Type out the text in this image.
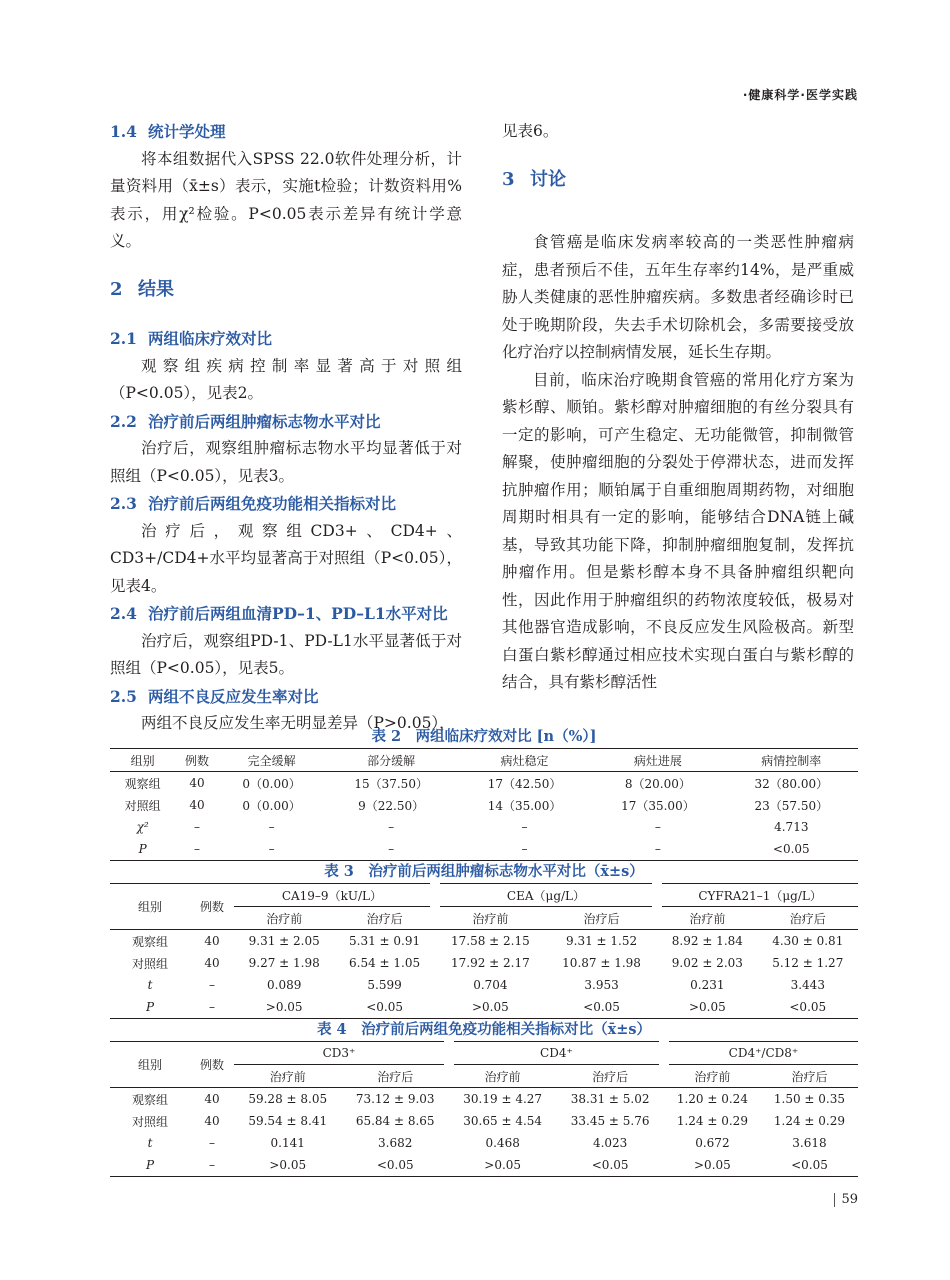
·健康科学·医学实践
1.4 统计学处理

将本组数据代入SPSS 22.0软件处理分析，计量资料用（x̄±s）表示，实施t检验；计数资料用%表示，用χ²检验。P<0.05表示差异有统计学意义。

2 结果
2.1 两组临床疗效对比

观察组疾病控制率显著高于对照组（P<0.05），见表2。

2.2 治疗前后两组肿瘤标志物水平对比

治疗后，观察组肿瘤标志物水平均显著低于对照组（P<0.05），见表3。

2.3 治疗前后两组免疫功能相关指标对比

治疗后，观察组CD3+、CD4+、CD3+/CD4+水平均显著高于对照组（P<0.05），见表4。

2.4 治疗前后两组血清PD–1、PD–L1水平对比

治疗后，观察组PD-1、PD-L1水平显著低于对照组（P<0.05），见表5。

2.5 两组不良反应发生率对比

两组不良反应发生率无明显差异（P>0.05），

见表6。

3 讨论

食管癌是临床发病率较高的一类恶性肿瘤病症，患者预后不佳，五年生存率约14%，是严重威胁人类健康的恶性肿瘤疾病。多数患者经确诊时已处于晚期阶段，失去手术切除机会，多需要接受放化疗治疗以控制病情发展，延长生存期。

目前，临床治疗晚期食管癌的常用化疗方案为紫杉醇、顺铂。紫杉醇对肿瘤细胞的有丝分裂具有一定的影响，可产生稳定、无功能微管，抑制微管解聚，使肿瘤细胞的分裂处于停滞状态，进而发挥抗肿瘤作用；顺铂属于自重细胞周期药物，对细胞周期时相具有一定的影响，能够结合DNA链上碱基，导致其功能下降，抑制肿瘤细胞复制，发挥抗肿瘤作用。但是紫杉醇本身不具备肿瘤组织靶向性，因此作用于肿瘤组织的药物浓度较低，极易对其他器官造成影响，不良反应发生风险极高。新型白蛋白紫杉醇通过相应技术实现白蛋白与紫杉醇的结合，具有紫杉醇活性

表 2　两组临床疗效对比 [n（%）]
组别	例数	完全缓解	部分缓解	病灶稳定	病灶进展	病情控制率
观察组	40	0（0.00）	15（37.50）	17（42.50）	8（20.00）	32（80.00）
对照组	40	0（0.00）	9（22.50）	14（35.00）	17（35.00）	23（57.50）
χ²	–	–	–	–	–	4.713
P	–	–	–	–	–	<0.05
表 3　治疗前后两组肿瘤标志物水平对比（x̄±s）
组别	例数	CA19–9（kU/L）		CEA（μg/L）		CYFRA21–1（μg/L）	
		治疗前	治疗后	治疗前	治疗后	治疗前	治疗后
观察组	40	9.31 ± 2.05	5.31 ± 0.91	17.58 ± 2.15	9.31 ± 1.52	8.92 ± 1.84	4.30 ± 0.81
对照组	40	9.27 ± 1.98	6.54 ± 1.05	17.92 ± 2.17	10.87 ± 1.98	9.02 ± 2.03	5.12 ± 1.27
t	–	0.089	5.599	0.704	3.953	0.231	3.443
P	–	>0.05	<0.05	>0.05	<0.05	>0.05	<0.05
表 4　治疗前后两组免疫功能相关指标对比（x̄±s）
组别	例数	CD3⁺		CD4⁺		CD4⁺/CD8⁺	
		治疗前	治疗后	治疗前	治疗后	治疗前	治疗后
观察组	40	59.28 ± 8.05	73.12 ± 9.03	30.19 ± 4.27	38.31 ± 5.02	1.20 ± 0.24	1.50 ± 0.35
对照组	40	59.54 ± 8.41	65.84 ± 8.65	30.65 ± 4.54	33.45 ± 5.76	1.24 ± 0.29	1.24 ± 0.29
t	–	0.141	3.682	0.468	4.023	0.672	3.618
P	–	>0.05	<0.05	>0.05	<0.05	>0.05	<0.05
59
